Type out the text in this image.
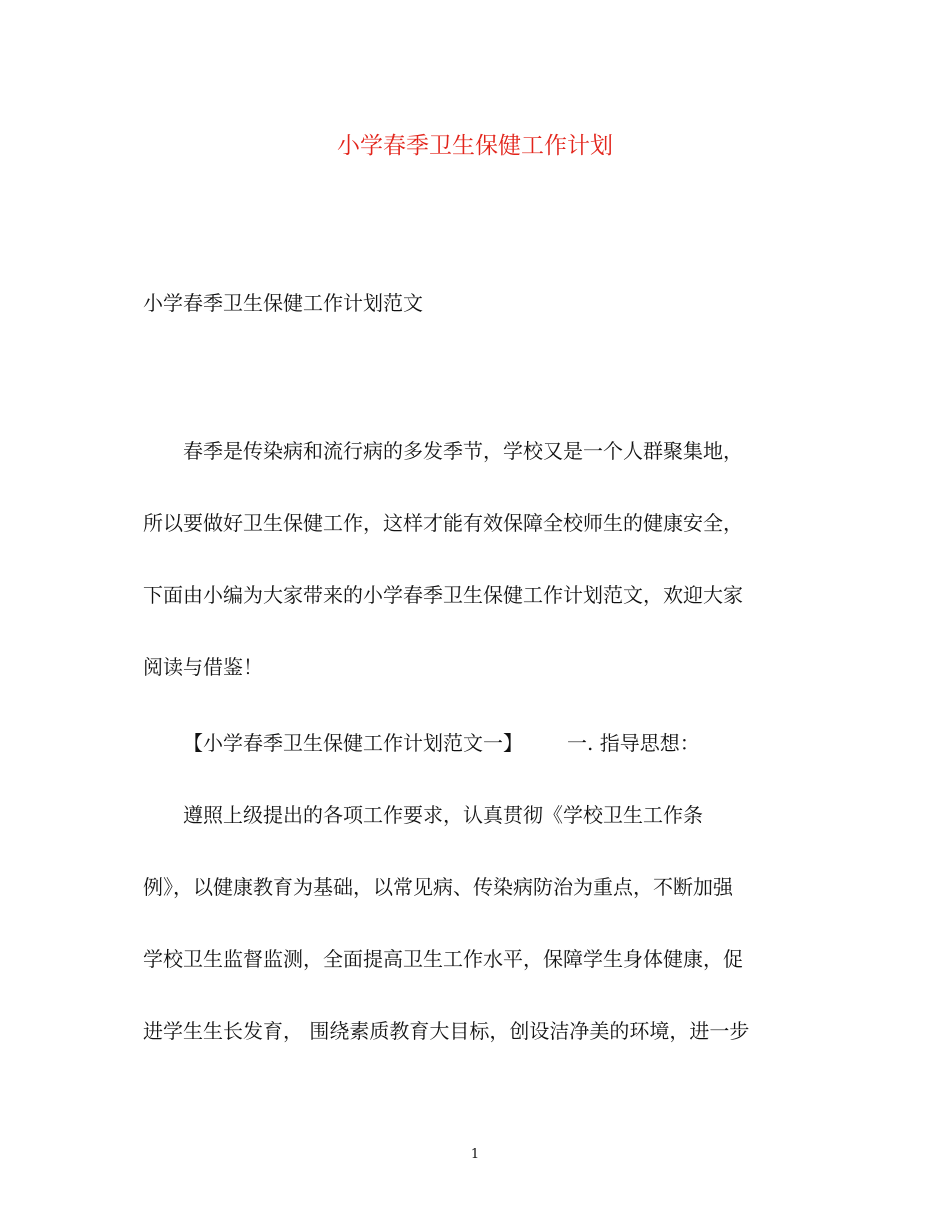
小学春季卫生保健工作计划
小学春季卫生保健工作计划范文
春季是传染病和流行病的多发季节，学校又是一个人群聚集地，
所以要做好卫生保健工作，这样才能有效保障全校师生的健康安全，
下面由小编为大家带来的小学春季卫生保健工作计划范文，欢迎大家
阅读与借鉴！
【小学春季卫生保健工作计划范文一】 一. 指导思想：
遵照上级提出的各项工作要求，认真贯彻《学校卫生工作条
例》，以健康教育为基础，以常见病、传染病防治为重点，不断加强
学校卫生监督监测，全面提高卫生工作水平，保障学生身体健康，促
进学生生长发育， 围绕素质教育大目标，创设洁净美的环境，进一步
1
